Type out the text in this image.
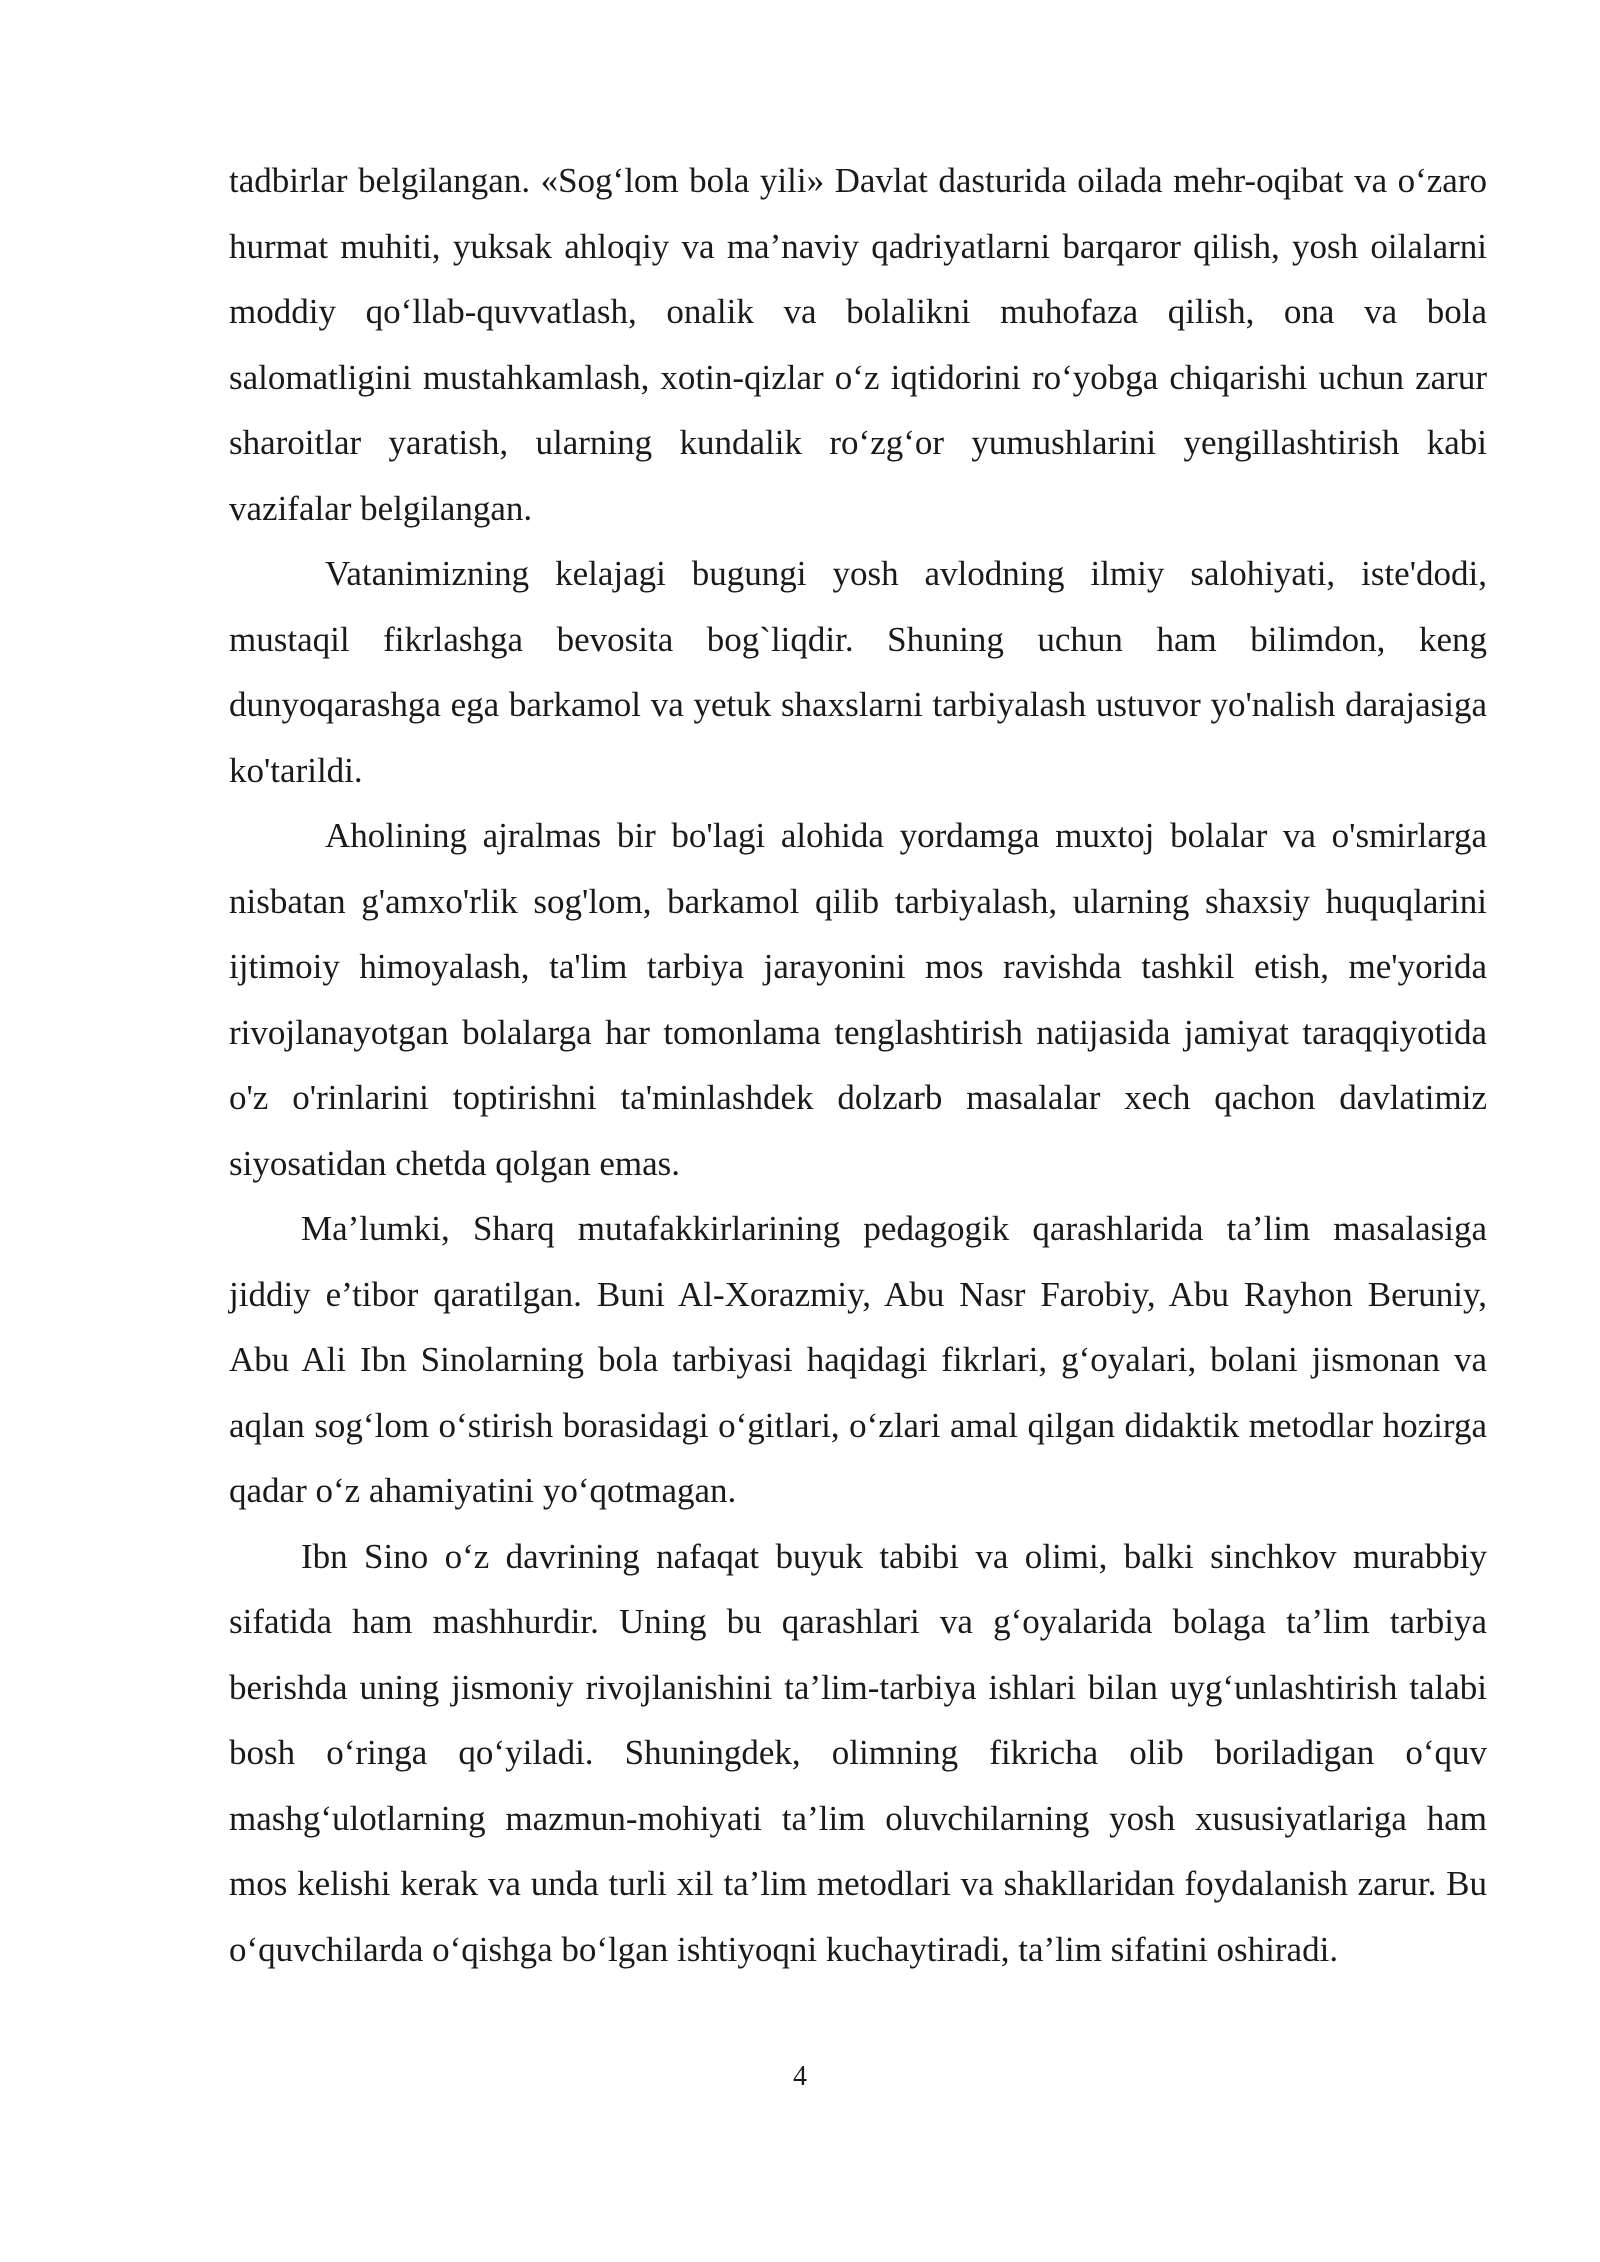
tadbirlar belgilangan. «Sog‘lom bola yili» Davlat dasturida oilada mehr-oqibat va o‘zaro hurmat muhiti, yuksak ahloqiy va ma’naviy qadriyatlarni barqaror qilish, yosh oilalarni moddiy qo‘llab-quvvatlash, onalik va bolalikni muhofaza qilish, ona va bola salomatligini mustahkamlash, xotin-qizlar o‘z iqtidorini ro‘yobga chiqarishi uchun zarur sharoitlar yaratish, ularning kundalik ro‘zg‘or yumushlarini yengillashtirish kabi vazifalar belgilangan.

Vatanimizning kelajagi bugungi yosh avlodning ilmiy salohiyati, iste'dodi, mustaqil fikrlashga bevosita bog`liqdir. Shuning uchun ham bilimdon, keng dunyoqarashga ega barkamol va yetuk shaxslarni tarbiyalash ustuvor yo'nalish darajasiga ko'tarildi.

Aholining ajralmas bir bo'lagi alohida yordamga muxtoj bolalar va o'smirlarga nisbatan g'amxo'rlik sog'lom, barkamol qilib tarbiyalash, ularning shaxsiy huquqlarini ijtimoiy himoyalash, ta'lim tarbiya jarayonini mos ravishda tashkil etish, me'yorida rivojlanayotgan bolalarga har tomonlama tenglashtirish natijasida jamiyat taraqqiyotida o'z o'rinlarini toptirishni ta'minlashdek dolzarb masalalar xech qachon davlatimiz siyosatidan chetda qolgan emas.

Ma’lumki, Sharq mutafakkirlarining pedagogik qarashlarida ta’lim masalasiga jiddiy e’tibor qaratilgan. Buni Al-Xorazmiy, Abu Nasr Farobiy, Abu Rayhon Beruniy, Abu Ali Ibn Sinolarning bola tarbiyasi haqidagi fikrlari, g‘oyalari, bolani jismonan va aqlan sog‘lom o‘stirish borasidagi o‘gitlari, o‘zlari amal qilgan didaktik metodlar hozirga qadar o‘z ahamiyatini yo‘qotmagan.

Ibn Sino o‘z davrining nafaqat buyuk tabibi va olimi, balki sinchkov murabbiy sifatida ham mashhurdir. Uning bu qarashlari va g‘oyalarida bolaga ta’lim tarbiya berishda uning jismoniy rivojlanishini ta’lim-tarbiya ishlari bilan uyg‘unlashtirish talabi bosh o‘ringa qo‘yiladi. Shuningdek, olimning fikricha olib boriladigan o‘quv mashg‘ulotlarning mazmun-mohiyati ta’lim oluvchilarning yosh xususiyatlariga ham mos kelishi kerak va unda turli xil ta’lim metodlari va shakllaridan foydalanish zarur. Bu o‘quvchilarda o‘qishga bo‘lgan ishtiyoqni kuchaytiradi, ta’lim sifatini oshiradi.

4
